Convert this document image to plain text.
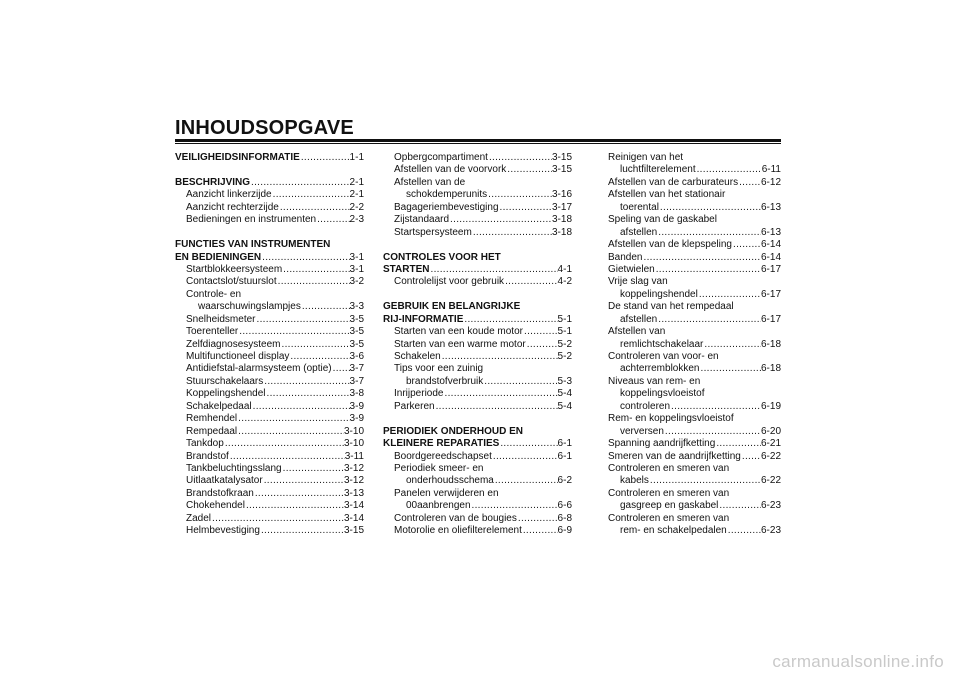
INHOUDSOPGAVE
VEILIGHEIDSINFORMATIE .....	1-1
BESCHRIJVING .....	2-1
Aanzicht linkerzijde .....	2-1
Aanzicht rechterzijde .....	2-2
Bedieningen en instrumenten .....	2-3
FUNCTIES VAN INSTRUMENTEN
EN BEDIENINGEN .....	3-1
Startblokkeersysteem .....	3-1
Contactslot/stuurslot .....	3-2
Controle- en
waarschuwingslampjes .....	3-3
Snelheidsmeter .....	3-5
Toerenteller .....	3-5
Zelfdiagnosesysteem .....	3-5
Multifunctioneel display .....	3-6
Antidiefstal-alarmsysteem (optie) ..... 3-7
Stuurschakelaars .....	3-7
Koppelingshendel .....	3-8
Schakelpedaal .....	3-9
Remhendel .....	3-9
Rempedaal .....	3-10
Tankdop .....	3-10
Brandstof .....	3-11
Tankbeluchtingsslang .....	3-12
Uitlaatkatalysator .....	3-12
Brandstofkraan .....	3-13
Chokehendel .....	3-14
Zadel .....	3-14
Helmbevestiging .....	3-15
Opbergcompartiment .....	3-15
Afstellen van de voorvork .....	3-15
Afstellen van de
schokdemperunits .....	3-16
Bagageriembevestiging .....	3-17
Zijstandaard .....	3-18
Startspersysteem .....	3-18
CONTROLES VOOR HET
STARTEN .....	4-1
Controlelijst voor gebruik .....	4-2
GEBRUIK EN BELANGRIJKE
RIJ-INFORMATIE .....	5-1
Starten van een koude motor .....	5-1
Starten van een warme motor .....	5-2
Schakelen .....	5-2
Tips voor een zuinig
brandstofverbruik .....	5-3
Inrijperiode .....	5-4
Parkeren .....	5-4
PERIODIEK ONDERHOUD EN
KLEINERE REPARATIES .....	6-1
Boordgereedschapset .....	6-1
Periodiek smeer- en
onderhoudsschema .....	6-2
Panelen verwijderen en
00aanbrengen .....	6-6
Controleren van de bougies .....	6-8
Motorolie en oliefilterelement .....	6-9
Reinigen van het
luchtfilterelement .....	6-11
Afstellen van de carburateurs ..... 6-12
Afstellen van het stationair
toerental .....	6-13
Speling van de gaskabel
afstellen .....	6-13
Afstellen van de klepspeling .....	6-14
Banden .....	6-14
Gietwielen .....	6-17
Vrije slag van
koppelingshendel .....	6-17
De stand van het rempedaal
afstellen .....	6-17
Afstellen van
remlichtschakelaar .....	6-18
Controleren van voor- en
achterremblokken .....	6-18
Niveaus van rem- en
koppelingsvloeistof
controleren .....	6-19
Rem- en koppelingsvloeistof
verversen .....	6-20
Spanning aandrijfketting .....	6-21
Smeren van de aandrijfketting ..... 6-22
Controleren en smeren van
kabels .....	6-22
Controleren en smeren van
gasgreep en gaskabel .....	6-23
Controleren en smeren van
rem- en schakelpedalen .....	6-23
carmanualsonline.info
